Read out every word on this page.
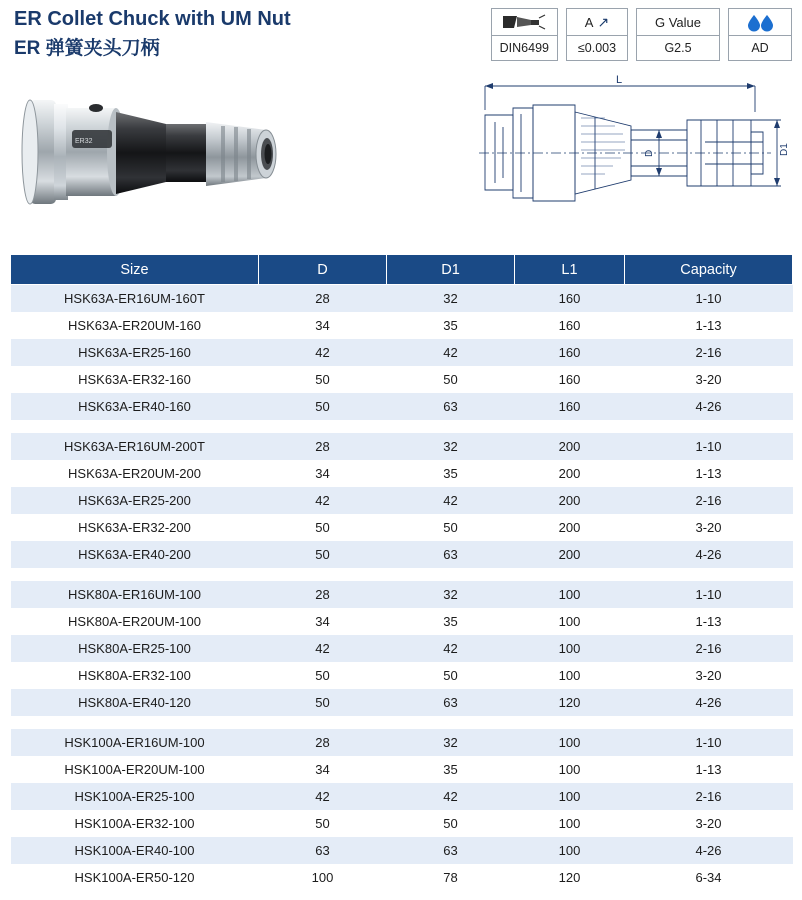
ER Collet Chuck with UM Nut
ER 弹簧夹头刀柄	DIN6499
A ↗
≤0.003
G Value
G2.5	AD
ER32
L
D	D1
Size	D	D1	L1	Capacity
HSK63A-ER16UM-160T	28	32	160	1-10
HSK63A-ER20UM-160	34	35	160	1-13
HSK63A-ER25-160	42	42	160	2-16
HSK63A-ER32-160	50	50	160	3-20
HSK63A-ER40-160	50	63	160	4-26

HSK63A-ER16UM-200T	28	32	200	1-10
HSK63A-ER20UM-200	34	35	200	1-13
HSK63A-ER25-200	42	42	200	2-16
HSK63A-ER32-200	50	50	200	3-20
HSK63A-ER40-200	50	63	200	4-26

HSK80A-ER16UM-100	28	32	100	1-10
HSK80A-ER20UM-100	34	35	100	1-13
HSK80A-ER25-100	42	42	100	2-16
HSK80A-ER32-100	50	50	100	3-20
HSK80A-ER40-120	50	63	120	4-26

HSK100A-ER16UM-100	28	32	100	1-10
HSK100A-ER20UM-100	34	35	100	1-13
HSK100A-ER25-100	42	42	100	2-16
HSK100A-ER32-100	50	50	100	3-20
HSK100A-ER40-100	63	63	100	4-26
HSK100A-ER50-120	100	78	120	6-34
